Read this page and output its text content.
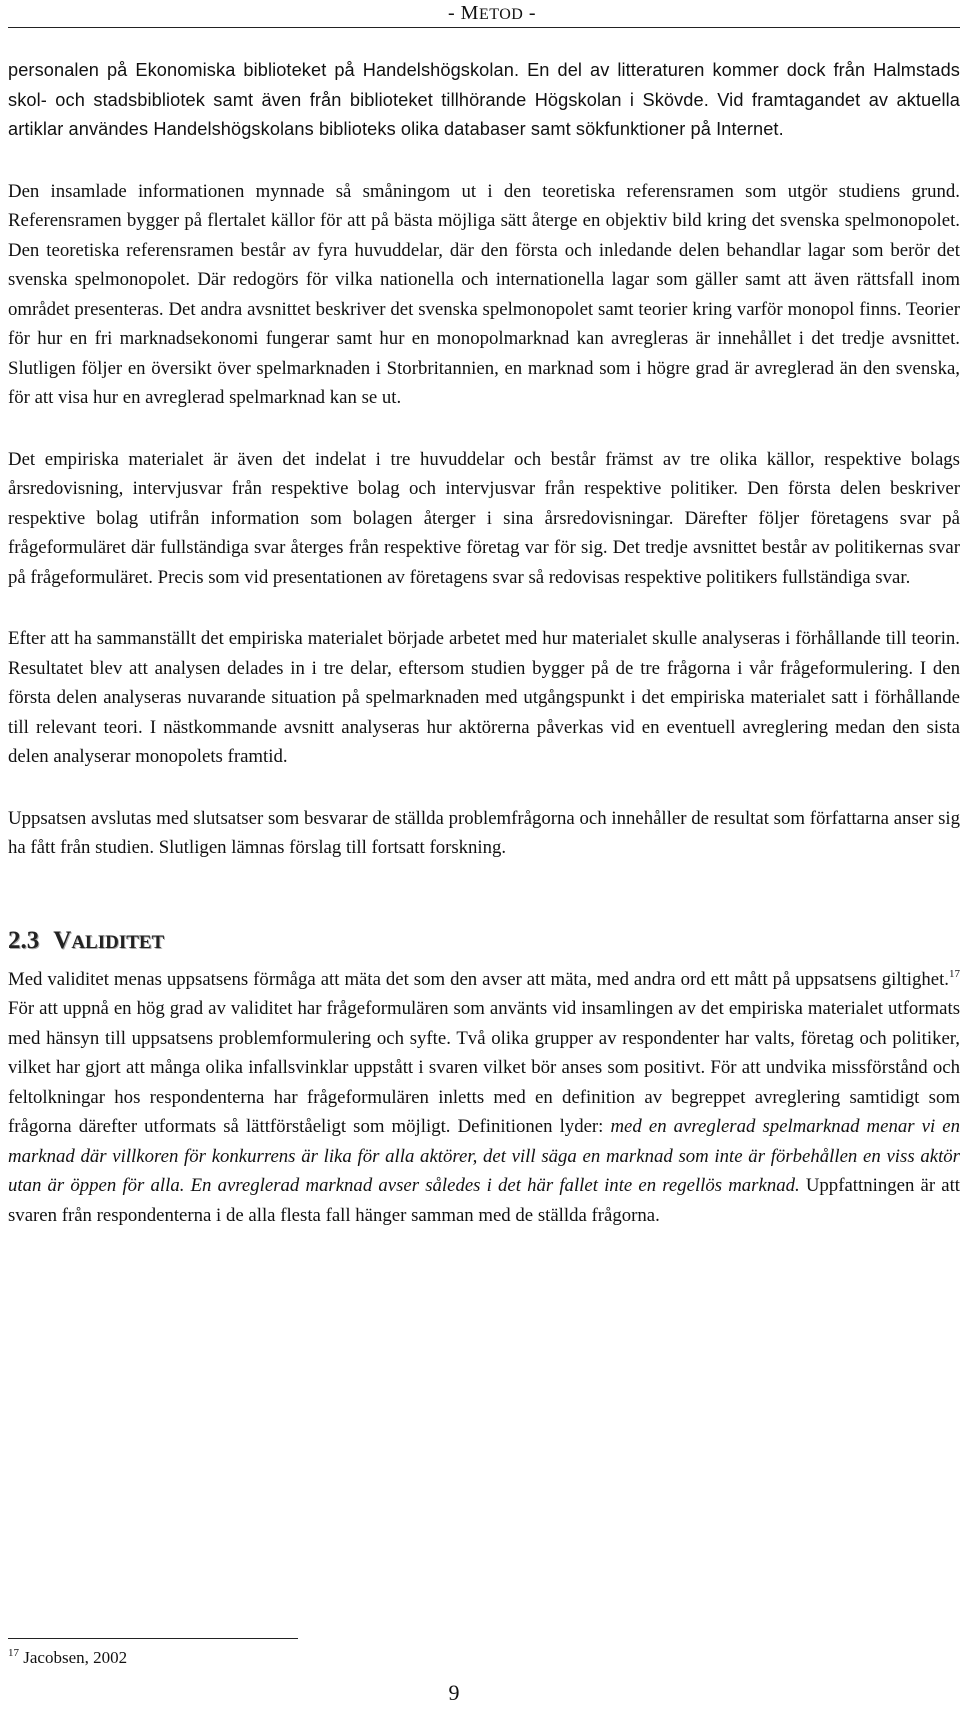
- METOD -

personalen på Ekonomiska biblioteket på Handelshögskolan. En del av litteraturen kommer dock från Halmstads skol- och stadsbibliotek samt även från biblioteket tillhörande Högskolan i Skövde. Vid framtagandet av aktuella artiklar användes Handelshögskolans biblioteks olika databaser samt sökfunktioner på Internet.

Den insamlade informationen mynnade så småningom ut i den teoretiska referensramen som utgör studiens grund. Referensramen bygger på flertalet källor för att på bästa möjliga sätt återge en objektiv bild kring det svenska spelmonopolet. Den teoretiska referensramen består av fyra huvuddelar, där den första och inledande delen behandlar lagar som berör det svenska spelmonopolet. Där redogörs för vilka nationella och internationella lagar som gäller samt att även rättsfall inom området presenteras. Det andra avsnittet beskriver det svenska spelmonopolet samt teorier kring varför monopol finns. Teorier för hur en fri marknadsekonomi fungerar samt hur en monopolmarknad kan avregleras är innehållet i det tredje avsnittet. Slutligen följer en översikt över spelmarknaden i Storbritannien, en marknad som i högre grad är avreglerad än den svenska, för att visa hur en avreglerad spelmarknad kan se ut.

Det empiriska materialet är även det indelat i tre huvuddelar och består främst av tre olika källor, respektive bolags årsredovisning, intervjusvar från respektive bolag och intervjusvar från respektive politiker. Den första delen beskriver respektive bolag utifrån information som bolagen återger i sina årsredovisningar. Därefter följer företagens svar på frågeformuläret där fullständiga svar återges från respektive företag var för sig. Det tredje avsnittet består av politikernas svar på frågeformuläret. Precis som vid presentationen av företagens svar så redovisas respektive politikers fullständiga svar.

Efter att ha sammanställt det empiriska materialet började arbetet med hur materialet skulle analyseras i förhållande till teorin. Resultatet blev att analysen delades in i tre delar, eftersom studien bygger på de tre frågorna i vår frågeformulering. I den första delen analyseras nuvarande situation på spelmarknaden med utgångspunkt i det empiriska materialet satt i förhållande till relevant teori. I nästkommande avsnitt analyseras hur aktörerna påverkas vid en eventuell avreglering medan den sista delen analyserar monopolets framtid.

Uppsatsen avslutas med slutsatser som besvarar de ställda problemfrågorna och innehåller de resultat som författarna anser sig ha fått från studien. Slutligen lämnas förslag till fortsatt forskning.

2.3 VALIDITET

Med validitet menas uppsatsens förmåga att mäta det som den avser att mäta, med andra ord ett mått på uppsatsens giltighet.$^{17}$ För att uppnå en hög grad av validitet har frågeformulären som använts vid insamlingen av det empiriska materialet utformats med hänsyn till uppsatsens problemformulering och syfte. Två olika grupper av respondenter har valts, företag och politiker, vilket har gjort att många olika infallsvinklar uppstått i svaren vilket bör anses som positivt. För att undvika missförstånd och feltolkningar hos respondenterna har frågeformulären inletts med en definition av begreppet avreglering samtidigt som frågorna därefter utformats så lättförståeligt som möjligt. Definitionen lyder: med en avreglerad spelmarknad menar vi en marknad där villkoren för konkurrens är lika för alla aktörer, det vill säga en marknad som inte är förbehållen en viss aktör utan är öppen för alla. En avreglerad marknad avser således i det här fallet inte en regellös marknad. Uppfattningen är att svaren från respondenterna i de alla flesta fall hänger samman med de ställda frågorna.

$^{17}$ Jacobsen, 2002
9
